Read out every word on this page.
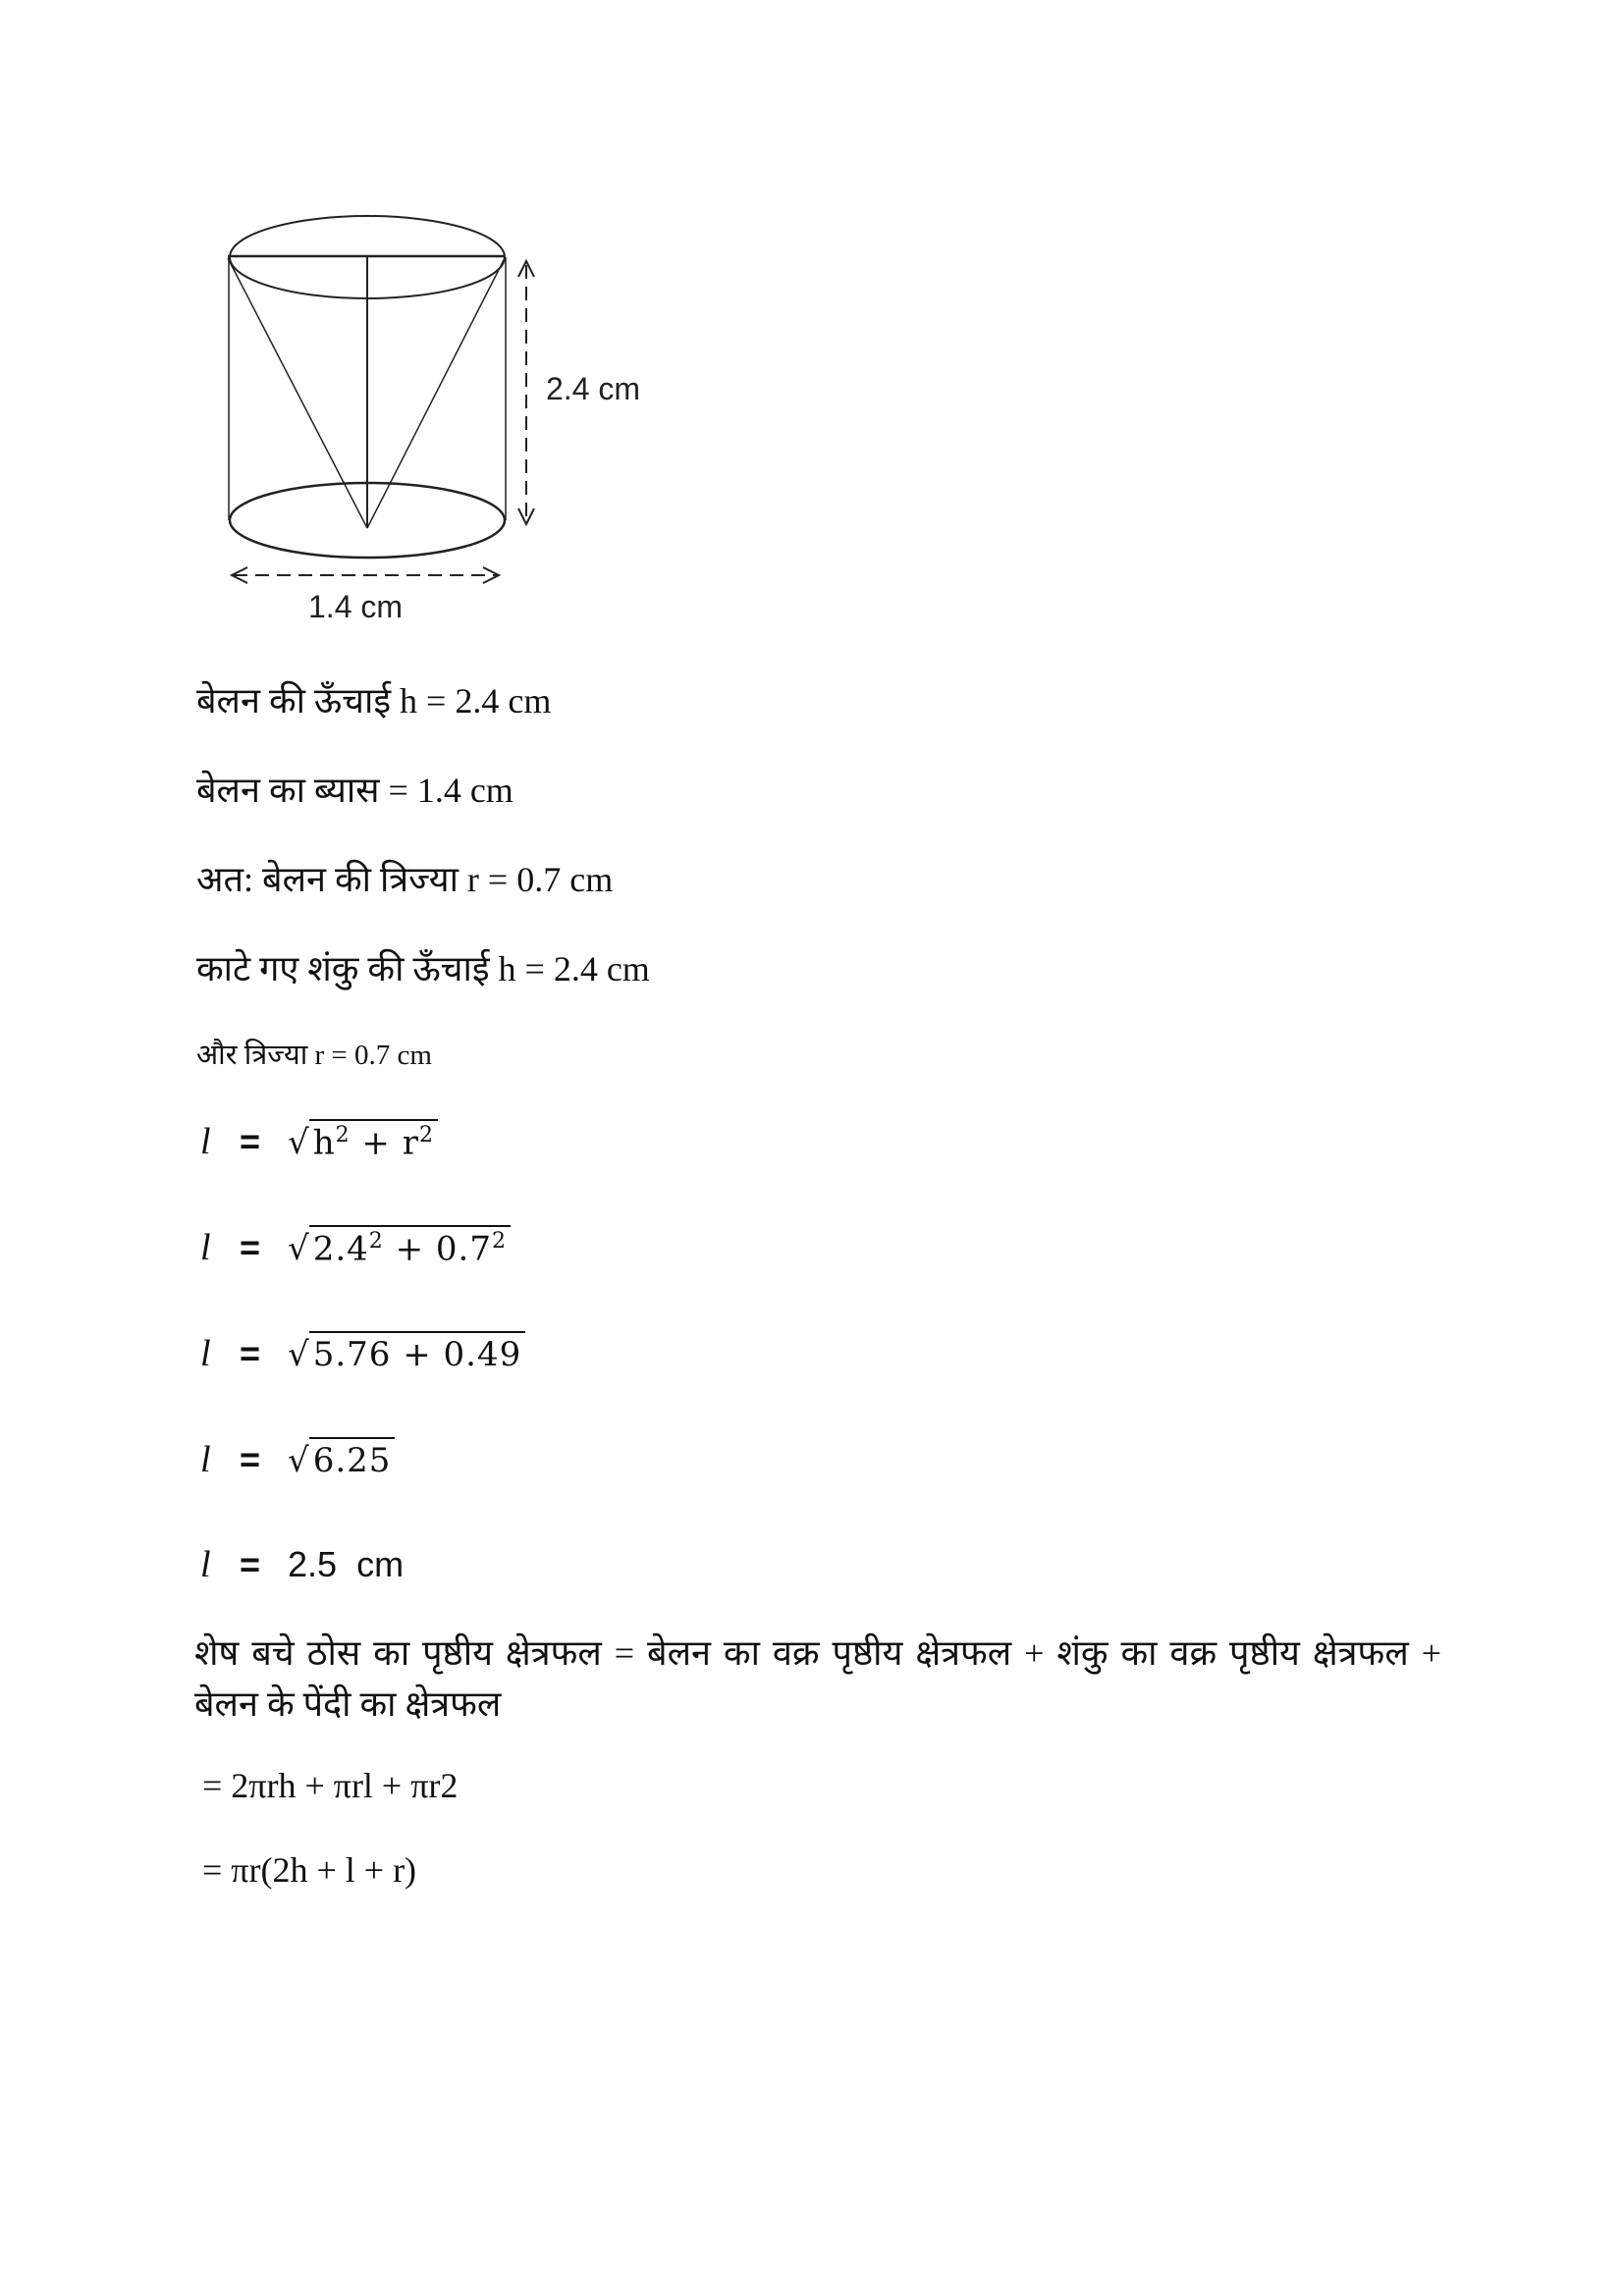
2.4 cm
1.4 cm
बेलन की ऊँचाई h = 2.4 cm
बेलन का ब्यास = 1.4 cm
अत: बेलन की त्रिज्या r = 0.7 cm
काटे गए शंकु की ऊँचाई h = 2.4 cm
और त्रिज्या r = 0.7 cm
l = √ $h^2 + r^2$
l = √ $2.4^2 + 0.7^2$
l = √ 5.76 + 0.49
l = √ 6.25
l = 2.5  cm
शेष बचे ठोस का पृष्ठीय क्षेत्रफल = बेलन का वक्र पृष्ठीय क्षेत्रफल + शंकु का वक्र पृष्ठीय क्षेत्रफल + बेलन के पेंदी का क्षेत्रफल
= 2πrh + πrl + πr2
= πr(2h + l + r)
